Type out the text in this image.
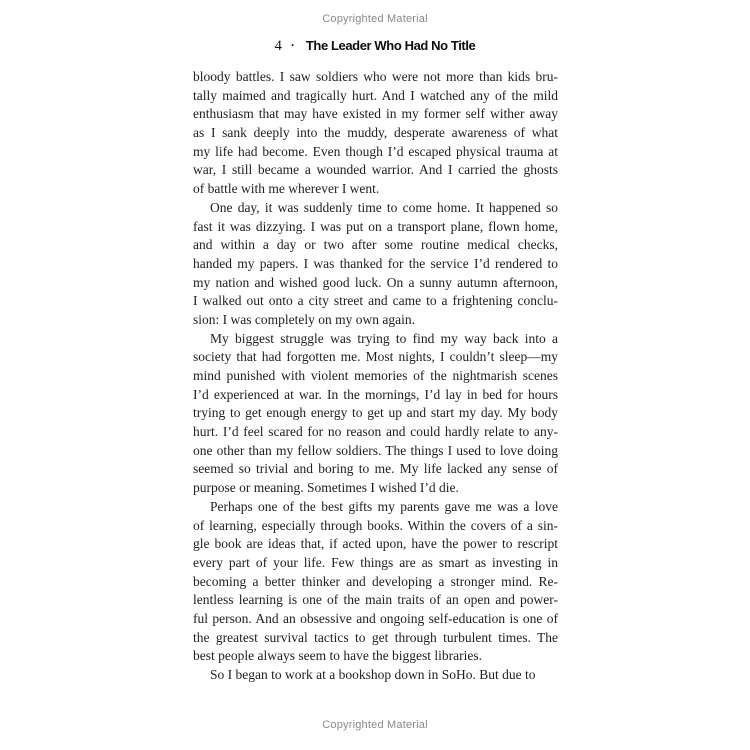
Copyrighted Material
4 · The Leader Who Had No Title
bloody battles. I saw soldiers who were not more than kids bru-
tally maimed and tragically hurt. And I watched any of the mild
enthusiasm that may have existed in my former self wither away
as I sank deeply into the muddy, desperate awareness of what
my life had become. Even though I’d escaped physical trauma at
war, I still became a wounded warrior. And I carried the ghosts
of battle with me wherever I went.
One day, it was suddenly time to come home. It happened so
fast it was dizzying. I was put on a transport plane, flown home,
and within a day or two after some routine medical checks,
handed my papers. I was thanked for the service I’d rendered to
my nation and wished good luck. On a sunny autumn afternoon,
I walked out onto a city street and came to a frightening conclu-
sion: I was completely on my own again.
My biggest struggle was trying to find my way back into a
society that had forgotten me. Most nights, I couldn’t sleep—my
mind punished with violent memories of the nightmarish scenes
I’d experienced at war. In the mornings, I’d lay in bed for hours
trying to get enough energy to get up and start my day. My body
hurt. I’d feel scared for no reason and could hardly relate to any-
one other than my fellow soldiers. The things I used to love doing
seemed so trivial and boring to me. My life lacked any sense of
purpose or meaning. Sometimes I wished I’d die.
Perhaps one of the best gifts my parents gave me was a love
of learning, especially through books. Within the covers of a sin-
gle book are ideas that, if acted upon, have the power to rescript
every part of your life. Few things are as smart as investing in
becoming a better thinker and developing a stronger mind. Re-
lentless learning is one of the main traits of an open and power-
ful person. And an obsessive and ongoing self-education is one of
the greatest survival tactics to get through turbulent times. The
best people always seem to have the biggest libraries.
So I began to work at a bookshop down in SoHo. But due to
Copyrighted Material
